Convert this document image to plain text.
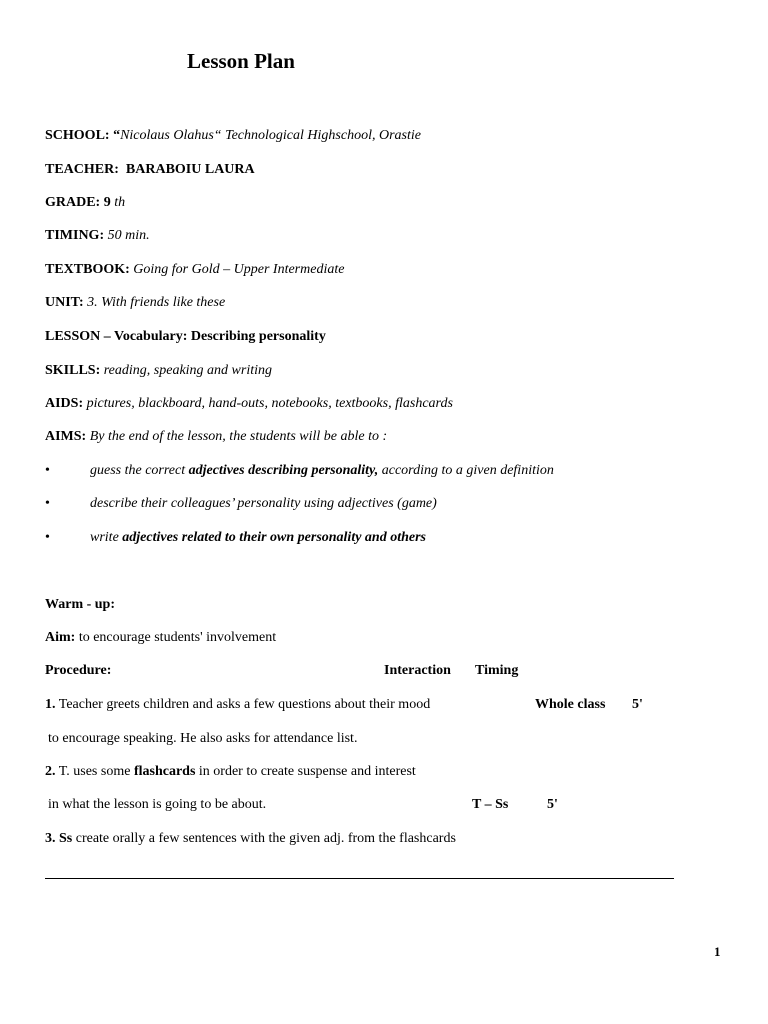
Lesson Plan
SCHOOL: “Nicolaus Olahus“ Technological Highschool, Orastie
TEACHER: BARABOIU LAURA
GRADE: 9 th
TIMING: 50 min.
TEXTBOOK: Going for Gold – Upper Intermediate
UNIT: 3. With friends like these
LESSON – Vocabulary: Describing personality
SKILLS: reading, speaking and writing
AIDS: pictures, blackboard, hand-outs, notebooks, textbooks, flashcards
AIMS: By the end of the lesson, the students will be able to :
•	guess the correct adjectives describing personality, according to a given definition
•	describe their colleagues’ personality using adjectives (game)
•	write adjectives related to their own personality and others
Warm - up:
Aim: to encourage students' involvement
Procedure:	Interaction Timing
1. Teacher greets children and asks a few questions about their mood	Whole class 5'
to encourage speaking. He also asks for attendance list.
2. T. uses some flashcards in order to create suspense and interest
in what the lesson is going to be about.	T – Ss	5'
3. Ss create orally a few sentences with the given adj. from the flashcards
1
